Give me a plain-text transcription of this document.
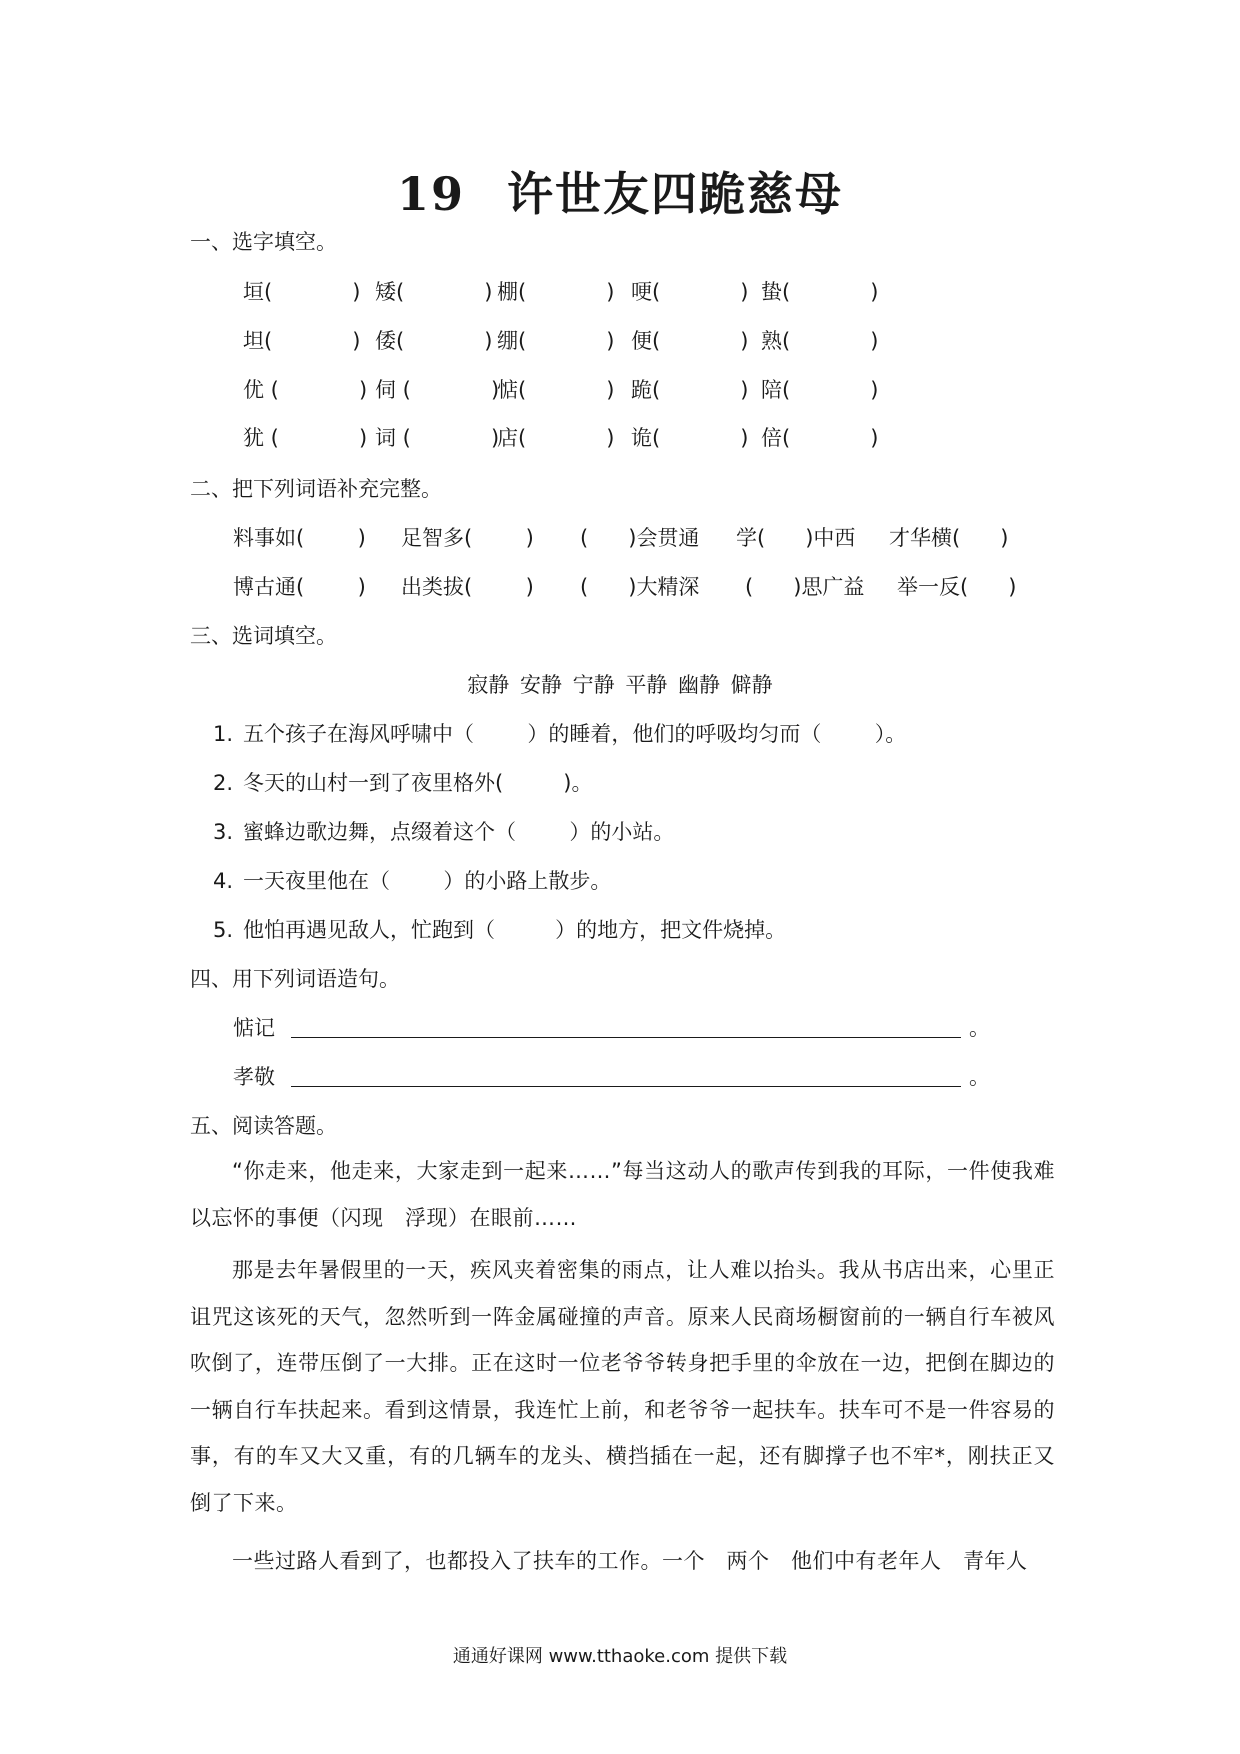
19 许世友四跪慈母
一、选字填空。
垣(            ) 矮(            ) 棚(            ) 哽(            ) 蛰(            )
坦(            ) 倭(            ) 绷(            ) 便(            ) 熟(            )
优 (            ) 伺 (            )
惦(            ) 跪(            ) 陪(            )
犹 (            ) 词 (            )
店(            ) 诡(            ) 倍(            )
二、把下列词语补充完整。
料事如(        ) 足智多(        ) (      )会贯通 学(      )中西 才华横(      )
博古通(        ) 出类拔(        ) (      )大精深 (      )思广益 举一反(      )
三、选词填空。
寂静 安静 宁静 平静 幽静 僻静
1. 五个孩子在海风呼啸中（        ）的睡着，他们的呼吸均匀而（        ）。
2. 冬天的山村一到了夜里格外(         )。
3. 蜜蜂边歌边舞，点缀着这个（        ）的小站。
4. 一天夜里他在（        ）的小路上散步。
5. 他怕再遇见敌人，忙跑到（         ）的地方，把文件烧掉。
四、用下列词语造句。
惦记	。
孝敬	。
五、阅读答题。
“你走来，他走来，大家走到一起来……”每当这动人的歌声传到我的耳际，一件使我难以忘怀的事便（闪现　浮现）在眼前……
那是去年暑假里的一天，疾风夹着密集的雨点，让人难以抬头。我从书店出来，心里正诅咒这该死的天气，忽然听到一阵金属碰撞的声音。原来人民商场橱窗前的一辆自行车被风吹倒了，连带压倒了一大排。正在这时一位老爷爷转身把手里的伞放在一边，把倒在脚边的一辆自行车扶起来。看到这情景，我连忙上前，和老爷爷一起扶车。扶车可不是一件容易的事，有的车又大又重，有的几辆车的龙头、横挡插在一起，还有脚撑子也不牢*，刚扶正又倒了下来。
一些过路人看到了，也都投入了扶车的工作。一个　两个　他们中有老年人　青年人
通通好课网 www.tthaoke.com 提供下载
